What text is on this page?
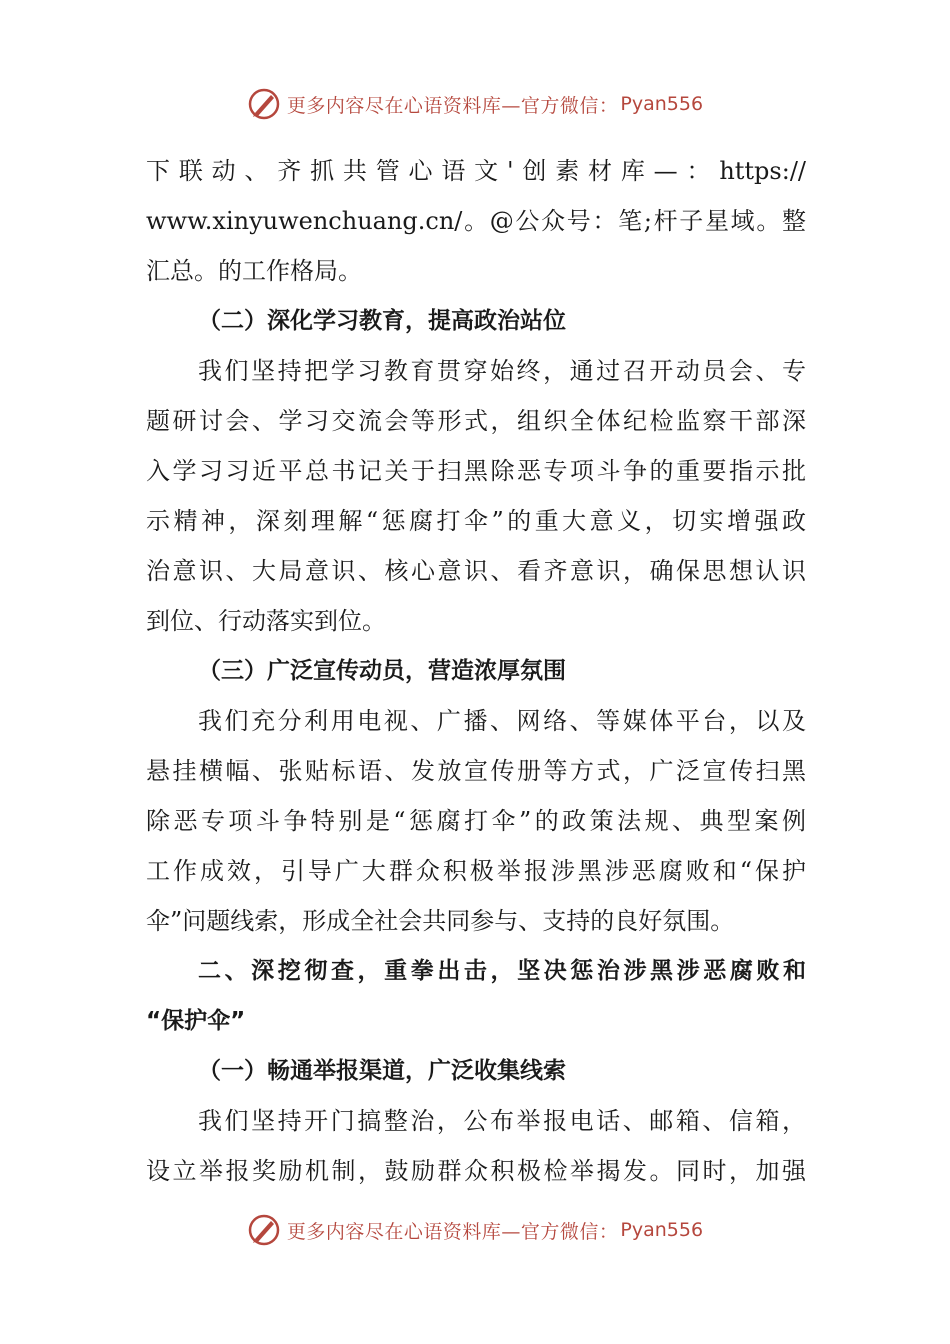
更多内容尽在心语资料库—官方微信： Pyan556
下联动、齐抓共管心语文'创素材库—：https://
www.xinyuwenchuang.cn/。@公众号：笔;杆子星域。整
汇总。的工作格局。
（二）深化学习教育，提高政治站位
我们坚持把学习教育贯穿始终，通过召开动员会、专
题研讨会、学习交流会等形式，组织全体纪检监察干部深
入学习习近平总书记关于扫黑除恶专项斗争的重要指示批
示精神，深刻理解“惩腐打伞”的重大意义，切实增强政
治意识、大局意识、核心意识、看齐意识，确保思想认识
到位、行动落实到位。
（三）广泛宣传动员，营造浓厚氛围
我们充分利用电视、广播、网络、等媒体平台，以及
悬挂横幅、张贴标语、发放宣传册等方式，广泛宣传扫黑
除恶专项斗争特别是“惩腐打伞”的政策法规、典型案例
工作成效，引导广大群众积极举报涉黑涉恶腐败和“保护
伞”问题线索，形成全社会共同参与、支持的良好氛围。
二、深挖彻查，重拳出击，坚决惩治涉黑涉恶腐败和
“保护伞”
（一）畅通举报渠道，广泛收集线索
我们坚持开门搞整治，公布举报电话、邮箱、信箱，
设立举报奖励机制，鼓励群众积极检举揭发。同时，加强
更多内容尽在心语资料库—官方微信： Pyan556
